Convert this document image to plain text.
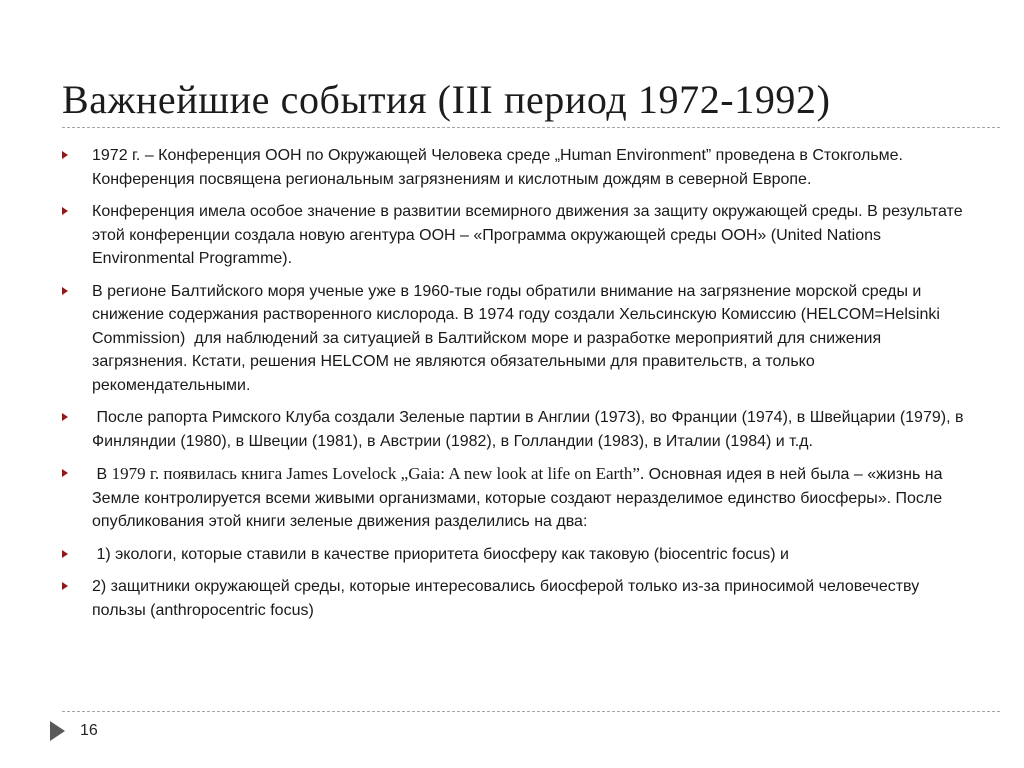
Важнейшие события (III период 1972-1992)
1972 г. – Конференция ООН по Окружающей Человека среде „Human Environment” проведена в Стокгольме. Конференция посвящена региональным загрязнениям и кислотным дождям в северной Европе.
Конференция имела особое значение в развитии всемирного движения за защиту окружающей среды. В результате этой конференции создала новую агентура ООН – «Программа окружающей среды ООН» (United Nations Environmental Programme).
В регионе Балтийского моря ученые уже в 1960-тые годы обратили внимание на загрязнение морской среды и снижение содержания растворенного кислорода. В 1974 году создали Хельсинскую Комиссию (HELCOM=Helsinki Commission)  для наблюдений за ситуацией в Балтийском море и разработке мероприятий для снижения загрязнения. Кстати, решения HELCOM не являются обязательными для правительств, а только рекомендательными.
После рапорта Римского Клуба создали Зеленые партии в Англии (1973), во Франции (1974), в Швейцарии (1979), в Финляндии (1980), в Швеции (1981), в Австрии (1982), в Голландии (1983), в Италии (1984) и т.д.
В 1979 г. появилась книга James Lovelock „Gaia: A new look at life on Earth”. Основная идея в ней была – «жизнь на Земле контролируется всеми живыми организмами, которые создают неразделимое единство биосферы». После опубликования этой книги зеленые движения разделились на два:
1) экологи, которые ставили в качестве приоритета биосферу как таковую (biocentric focus) и
2) защитники окружающей среды, которые интересовались биосферой только из-за приносимой человечеству пользы (anthropocentric focus)
16
